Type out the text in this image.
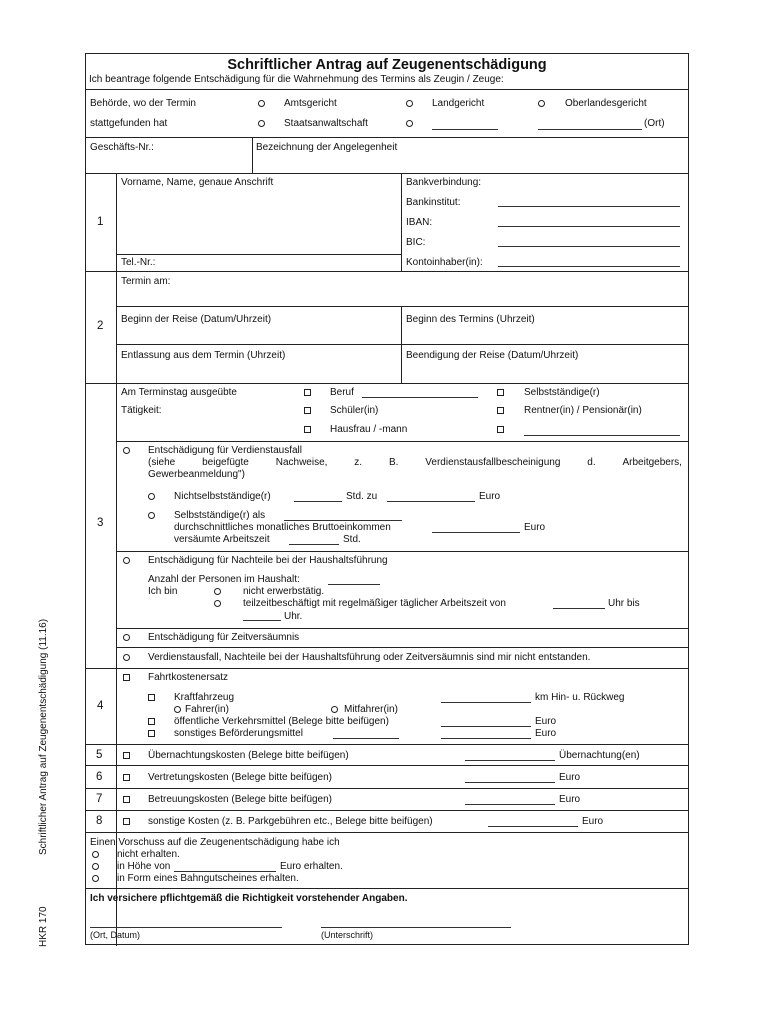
Schriftlicher Antrag auf Zeugenentschädigung
Ich beantrage folgende Entschädigung für die Wahrnehmung des Termins als Zeugin / Zeuge:
Behörde, wo der Termin
stattgefunden hat
Amtsgericht	Landgericht	Oberlandesgericht
Staatsanwaltschaft	(Ort)
Geschäfts-Nr.:	Bezeichnung der Angelegenheit
1
Vorname, Name, genaue Anschrift	Bankverbindung:
Bankinstitut:
IBAN:
BIC:
Tel.-Nr.:	Kontoinhaber(in):
2
Termin am:
Beginn der Reise (Datum/Uhrzeit)	Beginn des Termins (Uhrzeit)
Entlassung aus dem Termin (Uhrzeit)	Beendigung der Reise (Datum/Uhrzeit)
3
Am Terminstag ausgeübte
Tätigkeit:
Beruf
Schüler(in)
Hausfrau / -mann
Selbstständige(r)
Rentner(in) / Pensionär(in)
Entschädigung für Verdienstausfall
(siehe	beigefügte	Nachweise,	z.	B.	Verdienstausfallbescheinigung	d.	Arbeitgebers,
Gewerbeanmeldung")
Nichtselbstständige(r)	Std. zu	Euro
Selbstständige(r) als
durchschnittliches monatliches Bruttoeinkommen	Euro
versäumte Arbeitszeit	Std.
Entschädigung für Nachteile bei der Haushaltsführung
Anzahl der Personen im Haushalt:
Ich bin	nicht erwerbstätig.
teilzeitbeschäftigt mit regelmäßiger täglicher Arbeitszeit von	Uhr bis
Uhr.
Entschädigung für Zeitversäumnis
Verdienstausfall, Nachteile bei der Haushaltsführung oder Zeitversäumnis sind mir nicht entstanden.
4
Fahrtkostenersatz
Kraftfahrzeug	km Hin- u. Rückweg
Fahrer(in)	Mitfahrer(in)
öffentliche Verkehrsmittel (Belege bitte beifügen)	Euro
sonstiges Beförderungsmittel	Euro
5	Übernachtungskosten (Belege bitte beifügen)	Übernachtung(en)
6	Vertretungskosten (Belege bitte beifügen)	Euro
7	Betreuungskosten (Belege bitte beifügen)	Euro
8	sonstige Kosten (z. B. Parkgebühren etc., Belege bitte beifügen)	Euro
Einen Vorschuss auf die Zeugenentschädigung habe ich
nicht erhalten.
in Höhe von	Euro erhalten.
in Form eines Bahngutscheines erhalten.
Ich versichere pflichtgemäß die Richtigkeit vorstehender Angaben.
(Ort, Datum)	(Unterschrift)
Schriftlicher Antrag auf Zeugenentschädigung (11.16)
HKR 170
